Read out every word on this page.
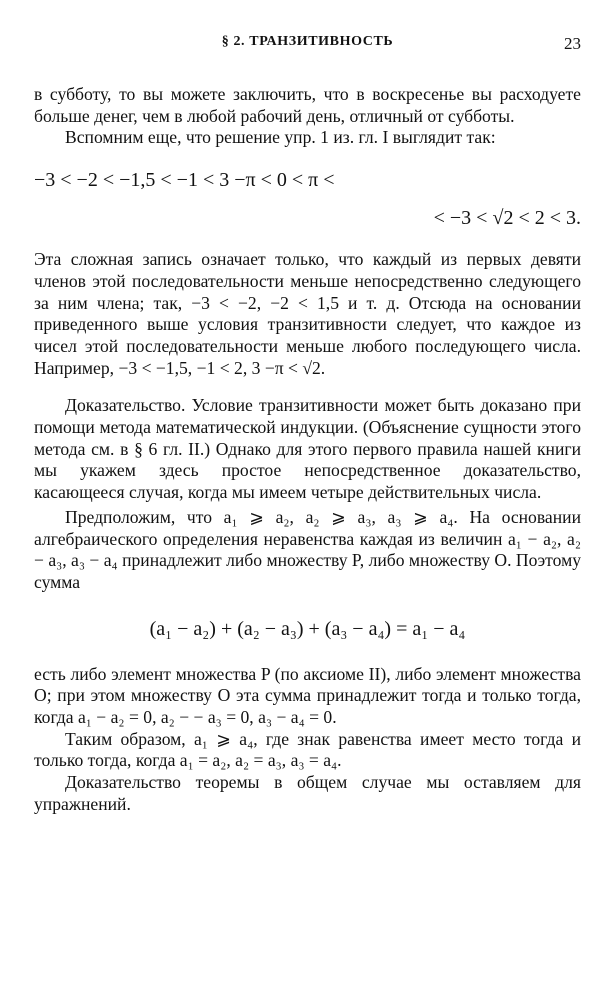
§ 2. ТРАНЗИТИВНОСТЬ	23

в субботу, то вы можете заключить, что в воскресенье вы расходуете больше денег, чем в любой рабочий день, отличный от субботы.

Вспомним еще, что решение упр. 1 из. гл. I выглядит так:

−3 < −2 < −1,5 < −1 < 3 −π < 0 < π <
< −3 < √2 < 2 < 3.

Эта сложная запись означает только, что каждый из первых девяти членов этой последовательности меньше непосредственно следующего за ним члена; так, −3 < −2, −2 < 1,5 и т. д. Отсюда на основании приведенного выше условия транзитивности следует, что каждое из чисел этой последовательности меньше любого последующего числа. Например, −3 < −1,5, −1 < 2, 3 −π < √2.

Доказательство. Условие транзитивности может быть доказано при помощи метода математической индукции. (Объяснение сущности этого метода см. в § 6 гл. II.) Однако для этого первого правила нашей книги мы укажем здесь простое непосредственное доказательство, касающееся случая, когда мы имеем четыре действительных числа.

Предположим, что a₁ ⩾ a₂, a₂ ⩾ a₃, a₃ ⩾ a₄. На основании алгебраического определения неравенства каждая из величин a₁ − a₂, a₂ − a₃, a₃ − a₄ принадлежит либо множеству P, либо множеству O. Поэтому сумма

(a₁ − a₂) + (a₂ − a₃) + (a₃ − a₄) = a₁ − a₄

есть либо элемент множества P (по аксиоме II), либо элемент множества O; при этом множеству O эта сумма принадлежит тогда и только тогда, когда a₁ − a₂ = 0, a₂ − − a₃ = 0, a₃ − a₄ = 0.

Таким образом, a₁ ⩾ a₄, где знак равенства имеет место тогда и только тогда, когда a₁ = a₂, a₂ = a₃, a₃ = a₄.

Доказательство теоремы в общем случае мы оставляем для упражнений.
